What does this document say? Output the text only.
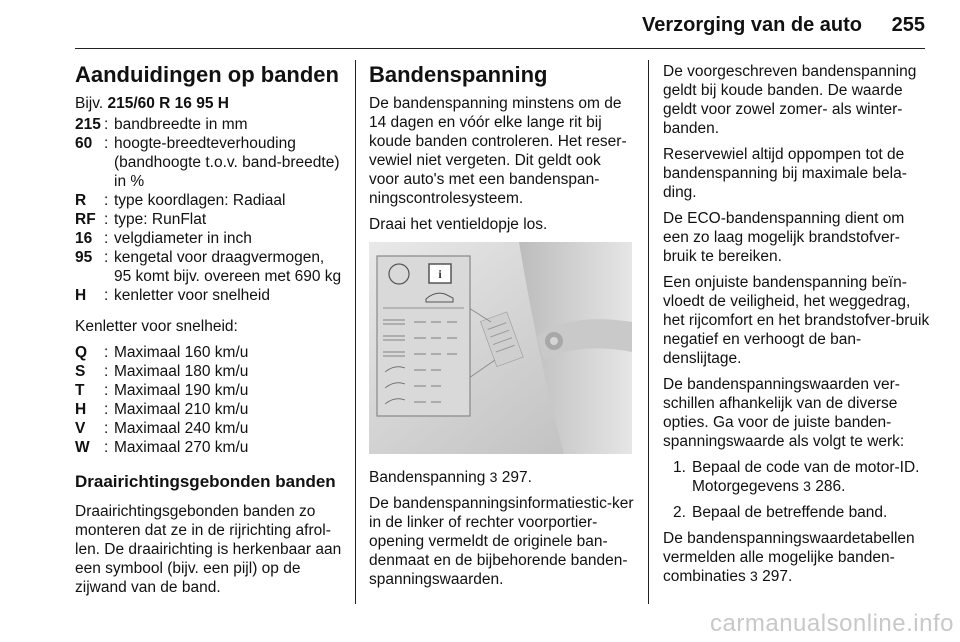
Verzorging van de auto 255
Aanduidingen op banden

Bijv. 215/60 R 16 95 H

215 : bandbreedte in mm
60 : hoogte-breedteverhouding (bandhoogte t.o.v. band-breedte) in %
R	: type koordlagen: Radiaal
RF : type: RunFlat
16 : velgdiameter in inch
95 : kengetal voor draagvermogen, 95 komt bijv. overeen met 690 kg
H	: kenletter voor snelheid

Kenletter voor snelheid:

Q	: Maximaal 160 km/u
S	: Maximaal 180 km/u
T	: Maximaal 190 km/u
H	: Maximaal 210 km/u
V	: Maximaal 240 km/u
W : Maximaal 270 km/u
Draairichtingsgebonden banden

Draairichtingsgebonden banden zo monteren dat ze in de rijrichting afrol-len. De draairichting is herkenbaar aan een symbool (bijv. een pijl) op de zijwand van de band.

Bandenspanning

De bandenspanning minstens om de 14 dagen en vóór elke lange rit bij koude banden controleren. Het reser-vewiel niet vergeten. Dit geldt ook voor auto's met een bandenspan-ningscontrolesysteem.

Draai het ventieldopje los.

i

Bandenspanning 3 297.

De bandenspanningsinformatiestic-ker in de linker of rechter voorportier-opening vermeldt de originele ban-denmaat en de bijbehorende banden-spanningswaarden.

De voorgeschreven bandenspanning geldt bij koude banden. De waarde geldt voor zowel zomer- als winter-banden.

Reservewiel altijd oppompen tot de bandenspanning bij maximale bela-ding.

De ECO-bandenspanning dient om een zo laag mogelijk brandstofver-bruik te bereiken.

Een onjuiste bandenspanning beïn-vloedt de veiligheid, het weggedrag, het rijcomfort en het brandstofver-bruik negatief en verhoogt de ban-denslijtage.

De bandenspanningswaarden ver-schillen afhankelijk van de diverse opties. Ga voor de juiste banden-spanningswaarde als volgt te werk:

1. Bepaal de code van de motor-ID. Motorgegevens 3 286.
2. Bepaal de betreffende band.

De bandenspanningswaardetabellen vermelden alle mogelijke banden-combinaties 3 297.

carmanualsonline.info
